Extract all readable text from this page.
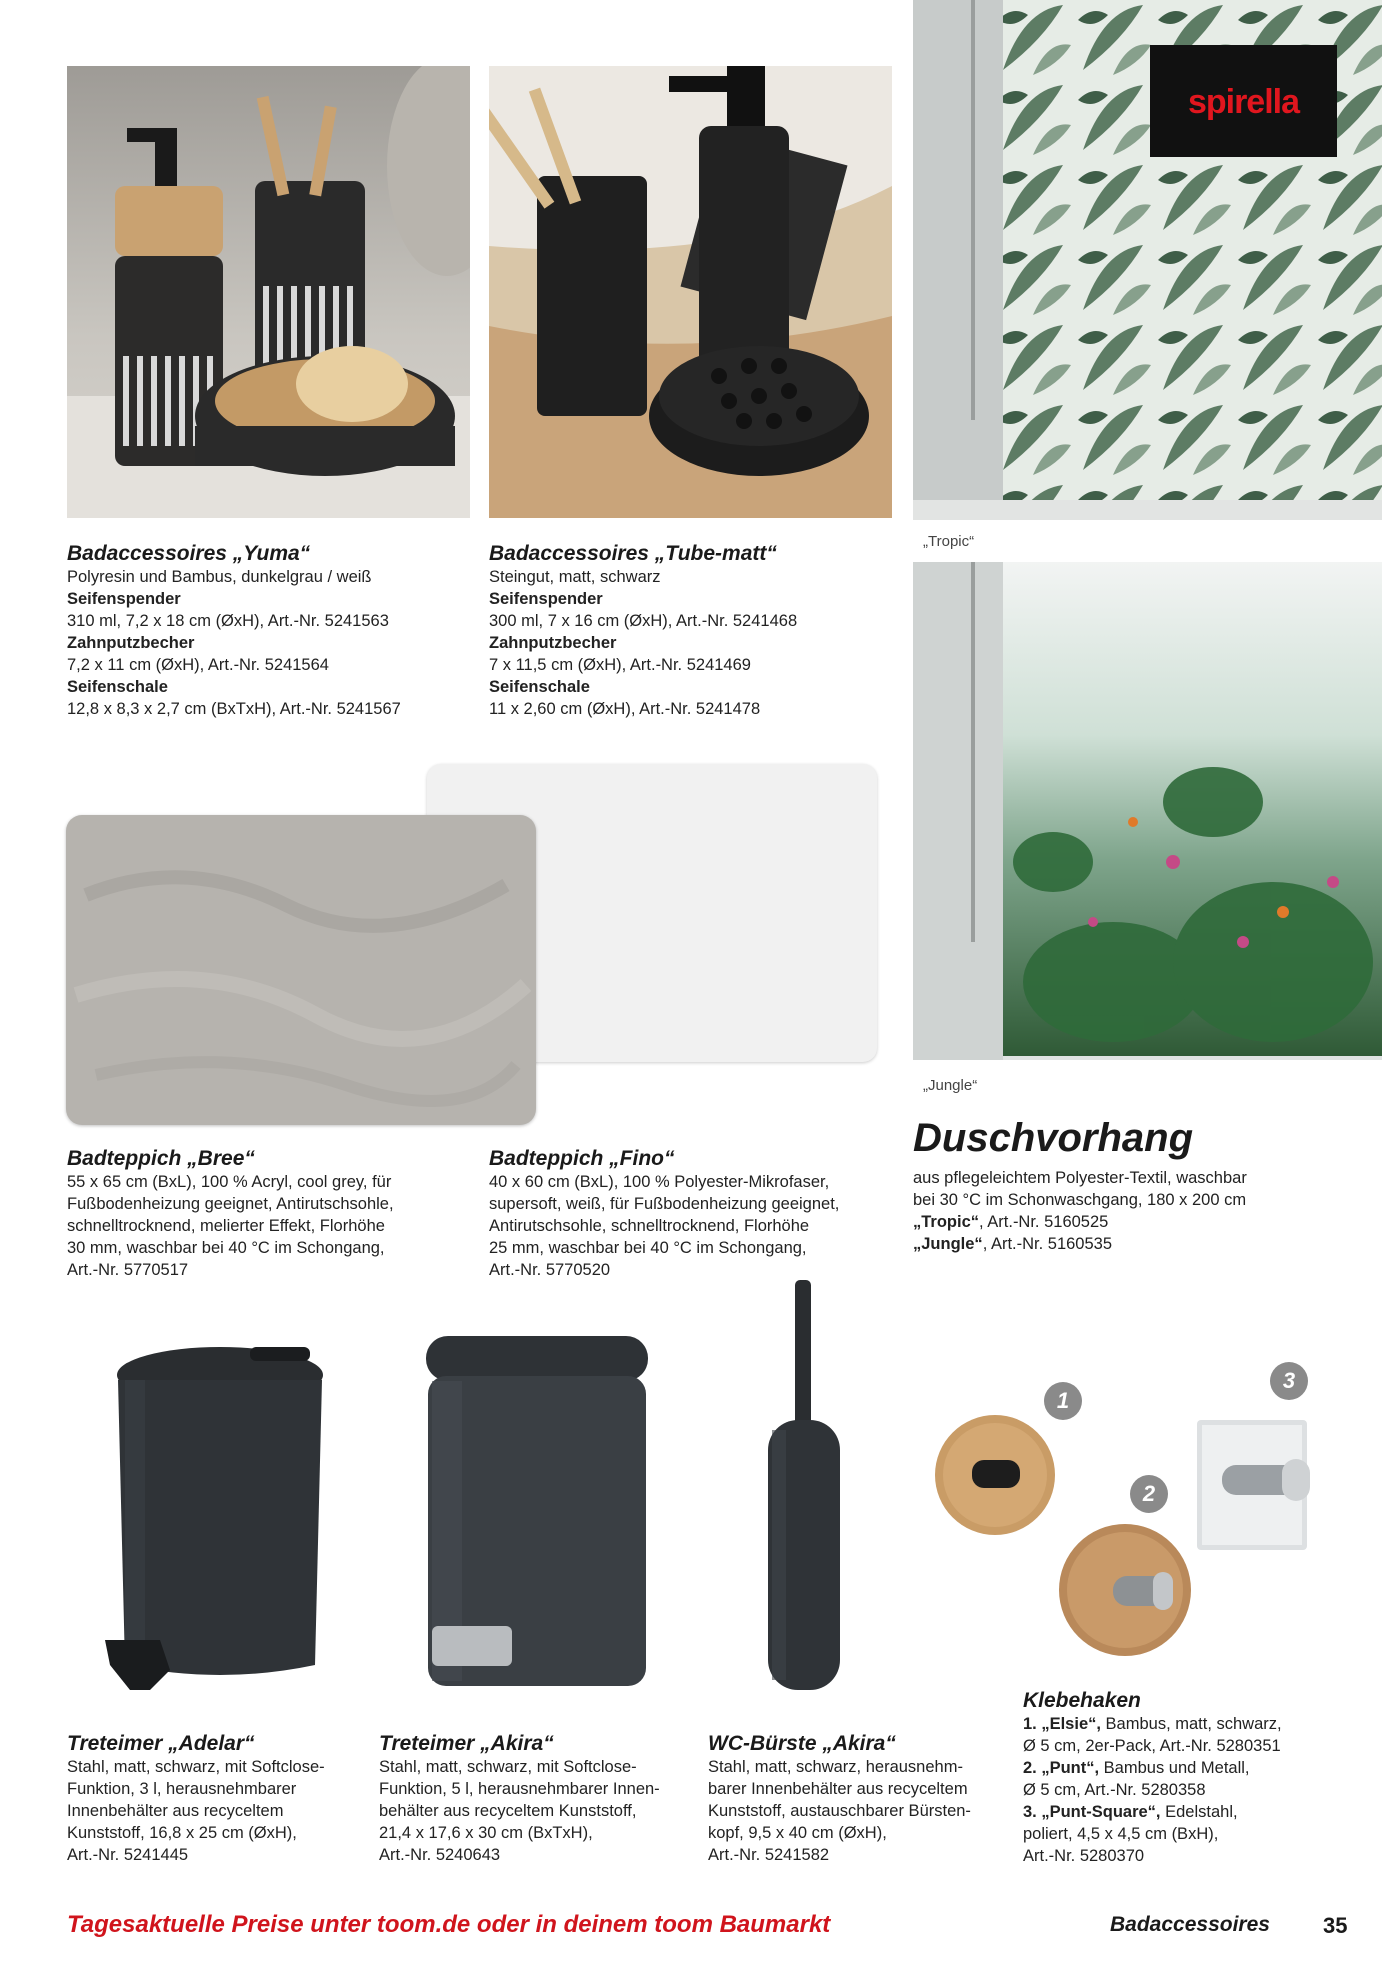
spirella
„Tropic“
„Jungle“
1
2
3
Badaccessoires „Yuma“
Polyresin und Bambus, dunkelgrau / weiß
Seifenspender
310 ml, 7,2 x 18 cm (ØxH), Art.-Nr. 5241563
Zahnputzbecher
7,2 x 11 cm (ØxH), Art.-Nr. 5241564
Seifenschale
12,8 x 8,3 x 2,7 cm (BxTxH), Art.-Nr. 5241567
Badaccessoires „Tube-matt“
Steingut, matt, schwarz
Seifenspender
300 ml, 7 x 16 cm (ØxH), Art.-Nr. 5241468
Zahnputzbecher
7 x 11,5 cm (ØxH), Art.-Nr. 5241469
Seifenschale
11 x 2,60 cm (ØxH), Art.-Nr. 5241478
Badteppich „Bree“
55 x 65 cm (BxL), 100 % Acryl, cool grey, für
Fußbodenheizung geeignet, Antirutschsohle,
schnelltrocknend, melierter Effekt, Florhöhe
30 mm, waschbar bei 40 °C im Schongang,
Art.-Nr. 5770517
Badteppich „Fino“
40 x 60 cm (BxL), 100 % Polyester-Mikrofaser,
supersoft, weiß, für Fußbodenheizung geeignet,
Antirutschsohle, schnelltrocknend, Florhöhe
25 mm, waschbar bei 40 °C im Schongang,
Art.-Nr. 5770520
Duschvorhang
aus pflegeleichtem Polyester-Textil, waschbar
bei 30 °C im Schonwaschgang, 180 x 200 cm
„Tropic“, Art.-Nr. 5160525
„Jungle“, Art.-Nr. 5160535
Treteimer „Adelar“
Stahl, matt, schwarz, mit Softclose-
Funktion, 3 l, herausnehmbarer
Innenbehälter aus recyceltem
Kunststoff, 16,8 x 25 cm (ØxH),
Art.-Nr. 5241445
Treteimer „Akira“
Stahl, matt, schwarz, mit Softclose-
Funktion, 5 l, herausnehmbarer Innen-
behälter aus recyceltem Kunststoff,
21,4 x 17,6 x 30 cm (BxTxH),
Art.-Nr. 5240643
WC-Bürste „Akira“
Stahl, matt, schwarz, herausnehm-
barer Innenbehälter aus recyceltem
Kunststoff, austauschbarer Bürsten-
kopf, 9,5 x 40 cm (ØxH),
Art.-Nr. 5241582
Klebehaken
1. „Elsie“, Bambus, matt, schwarz,
Ø 5 cm, 2er-Pack, Art.-Nr. 5280351
2. „Punt“, Bambus und Metall,
Ø 5 cm, Art.-Nr. 5280358
3. „Punt-Square“, Edelstahl,
poliert, 4,5 x 4,5 cm (BxH),
Art.-Nr. 5280370
Tagesaktuelle Preise unter toom.de oder in deinem toom Baumarkt	Badaccessoires 35
